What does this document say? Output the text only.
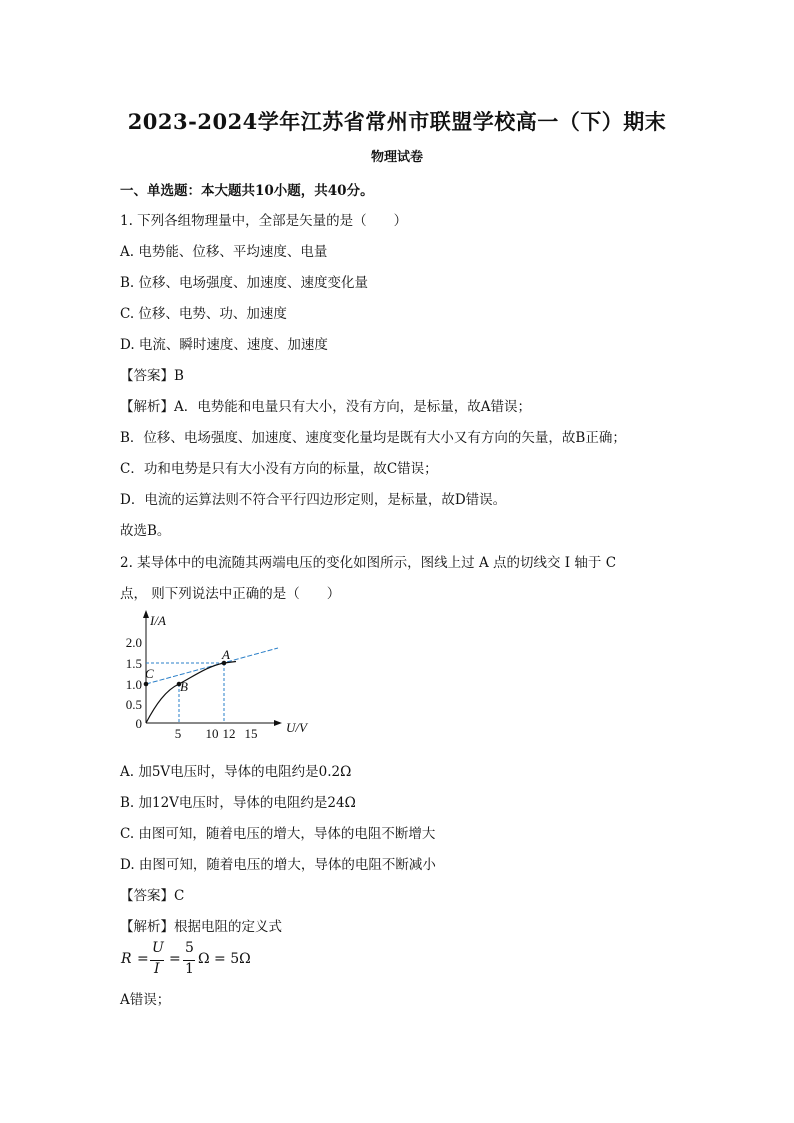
2023-2024学年江苏省常州市联盟学校高一（下）期末
物理试卷
一、单选题：本大题共10小题，共40分。
1. 下列各组物理量中，全部是矢量的是（　　）
A. 电势能、位移、平均速度、电量
B. 位移、电场强度、加速度、速度变化量
C. 位移、电势、功、加速度
D. 电流、瞬时速度、速度、加速度
【答案】B
【解析】A．电势能和电量只有大小，没有方向，是标量，故A错误；
B．位移、电场强度、加速度、速度变化量均是既有大小又有方向的矢量，故B正确；
C．功和电势是只有大小没有方向的标量，故C错误；
D．电流的运算法则不符合平行四边形定则，是标量，故D错误。
故选B。
2. 某导体中的电流随其两端电压的变化如图所示，图线上过 A 点的切线交 I 轴于 C
点， 则下列说法中正确的是（　　）
I/A
U/V
2.0
1.5
1.0
0.5
0
5 10 12 15
A
B
C
A. 加5V电压时，导体的电阻约是0.2Ω
B. 加12V电压时，导体的电阻约是24Ω
C. 由图可知，随着电压的增大，导体的电阻不断增大
D. 由图可知，随着电压的增大，导体的电阻不断减小
【答案】C
【解析】根据电阻的定义式
R =
U
I
=
5
1
Ω = 5Ω
A错误；
